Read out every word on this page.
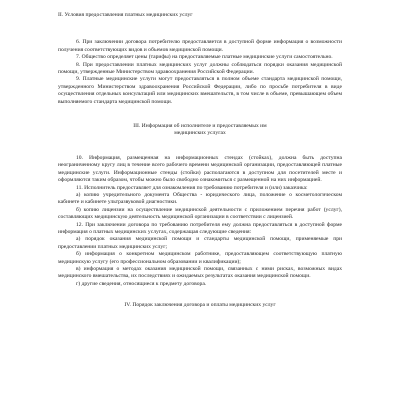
II. Условия предоставления платных медицинских услуг

6. При заключении договора потребителю предоставляется в доступной форме информация о возможности получения соответствующих видов и объемов медицинской помощи.

7. Общество определяет цены (тарифы) на предоставляемые платные медицинские услуги самостоятельно.

8. При предоставлении платных медицинских услуг должны соблюдаться порядки оказания медицинской помощи, утвержденные Министерством здравоохранения Российской Федерации.

9. Платные медицинские услуги могут предоставляться в полном объеме стандарта медицинской помощи, утвержденного Министерством здравоохранения Российской Федерации, либо по просьбе потребителя в виде осуществления отдельных консультаций или медицинских вмешательств, в том числе в объеме, превышающем объем выполняемого стандарта медицинской помощи.

III. Информация об исполнителе и предоставляемых им
медицинских услугах

10. Информация, размещенная на информационных стендах (стойках), должна быть доступна неограниченному кругу лиц в течение всего рабочего времени медицинской организации, предоставляющей платные медицинские услуги. Информационные стенды (стойки) располагаются в доступном для посетителей месте и оформляются таким образом, чтобы можно было свободно ознакомиться с размещенной на них информацией.

11. Исполнитель предоставляет для ознакомления по требованию потребителя и (или) заказчика:

а) копию учредительного документа Общества - юридического лица, положение о косметологическом кабинете и кабинете ультразвуковой диагностики.

б) копию лицензии на осуществление медицинской деятельности с приложением перечня работ (услуг), составляющих медицинскую деятельность медицинской организации в соответствии с лицензией.

12. При заключении договора по требованию потребителя ему должна предоставляться в доступной форме информация о платных медицинских услугах, содержащая следующие сведения:

а) порядок оказания медицинской помощи и стандарты медицинской помощи, применяемые при предоставлении платных медицинских услуг;

б) информация о конкретном медицинском работнике, предоставляющем соответствующую платную медицинскую услугу (его профессиональном образовании и квалификации);

в) информация о методах оказания медицинской помощи, связанных с ними рисках, возможных видах медицинского вмешательства, их последствиях и ожидаемых результатах оказания медицинской помощи.

г) другие сведения, относящиеся к предмету договора.

IV. Порядок заключения договора и оплаты медицинских услуг
